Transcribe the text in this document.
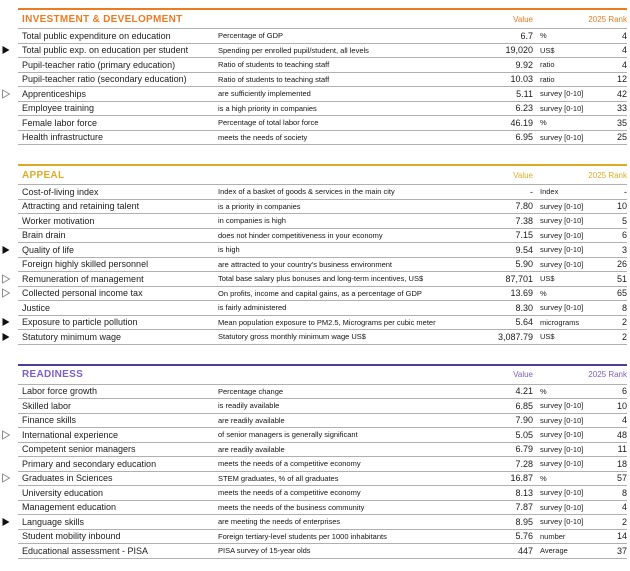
INVESTMENT & DEVELOPMENT	Value	2025 Rank
Total public expenditure on education	Percentage of GDP	6.7 %	4
Total public exp. on education per student	Spending per enrolled pupil/student, all levels	19,020 US$	4
Pupil-teacher ratio (primary education)	Ratio of students to teaching staff	9.92 ratio	4
Pupil-teacher ratio (secondary education)	Ratio of students to teaching staff	10.03 ratio	12
Apprenticeships	are sufficiently implemented	5.11 survey [0-10]	42
Employee training	is a high priority in companies	6.23 survey [0-10]	33
Female labor force	Percentage of total labor force	46.19 %	35
Health infrastructure	meets the needs of society	6.95 survey [0-10]	25
APPEAL	Value	2025 Rank
Cost-of-living index	Index of a basket of goods & services in the main city	- Index	-
Attracting and retaining talent	is a priority in companies	7.80 survey [0-10]	10
Worker motivation	in companies is high	7.38 survey [0-10]	5
Brain drain	does not hinder competitiveness in your economy	7.15 survey [0-10]	6
Quality of life	is high	9.54 survey [0-10]	3
Foreign highly skilled personnel	are attracted to your country's business environment	5.90 survey [0-10]	26
Remuneration of management	Total base salary plus bonuses and long-term incentives, US$	87,701 US$	51
Collected personal income tax	On profits, income and capital gains, as a percentage of GDP	13.69 %	65
Justice	is fairly administered	8.30 survey [0-10]	8
Exposure to particle pollution	Mean population exposure to PM2.5, Micrograms per cubic meter	5.64 micrograms	2
Statutory minimum wage	Statutory gross monthly minimum wage US$	3,087.79 US$	2
READINESS	Value	2025 Rank
Labor force growth	Percentage change	4.21 %	6
Skilled labor	is readily available	6.85 survey [0-10]	10
Finance skills	are readily available	7.90 survey [0-10]	4
International experience	of senior managers is generally significant	5.05 survey [0-10]	48
Competent senior managers	are readily available	6.79 survey [0-10]	11
Primary and secondary education	meets the needs of a competitive economy	7.28 survey [0-10]	18
Graduates in Sciences	STEM graduates, % of all graduates	16.87 %	57
University education	meets the needs of a competitive economy	8.13 survey [0-10]	8
Management education	meets the needs of the business community	7.87 survey [0-10]	4
Language skills	are meeting the needs of enterprises	8.95 survey [0-10]	2
Student mobility inbound	Foreign tertiary-level students per 1000 inhabitants	5.76 number	14
Educational assessment - PISA	PISA survey of 15-year olds	447 Average	37
